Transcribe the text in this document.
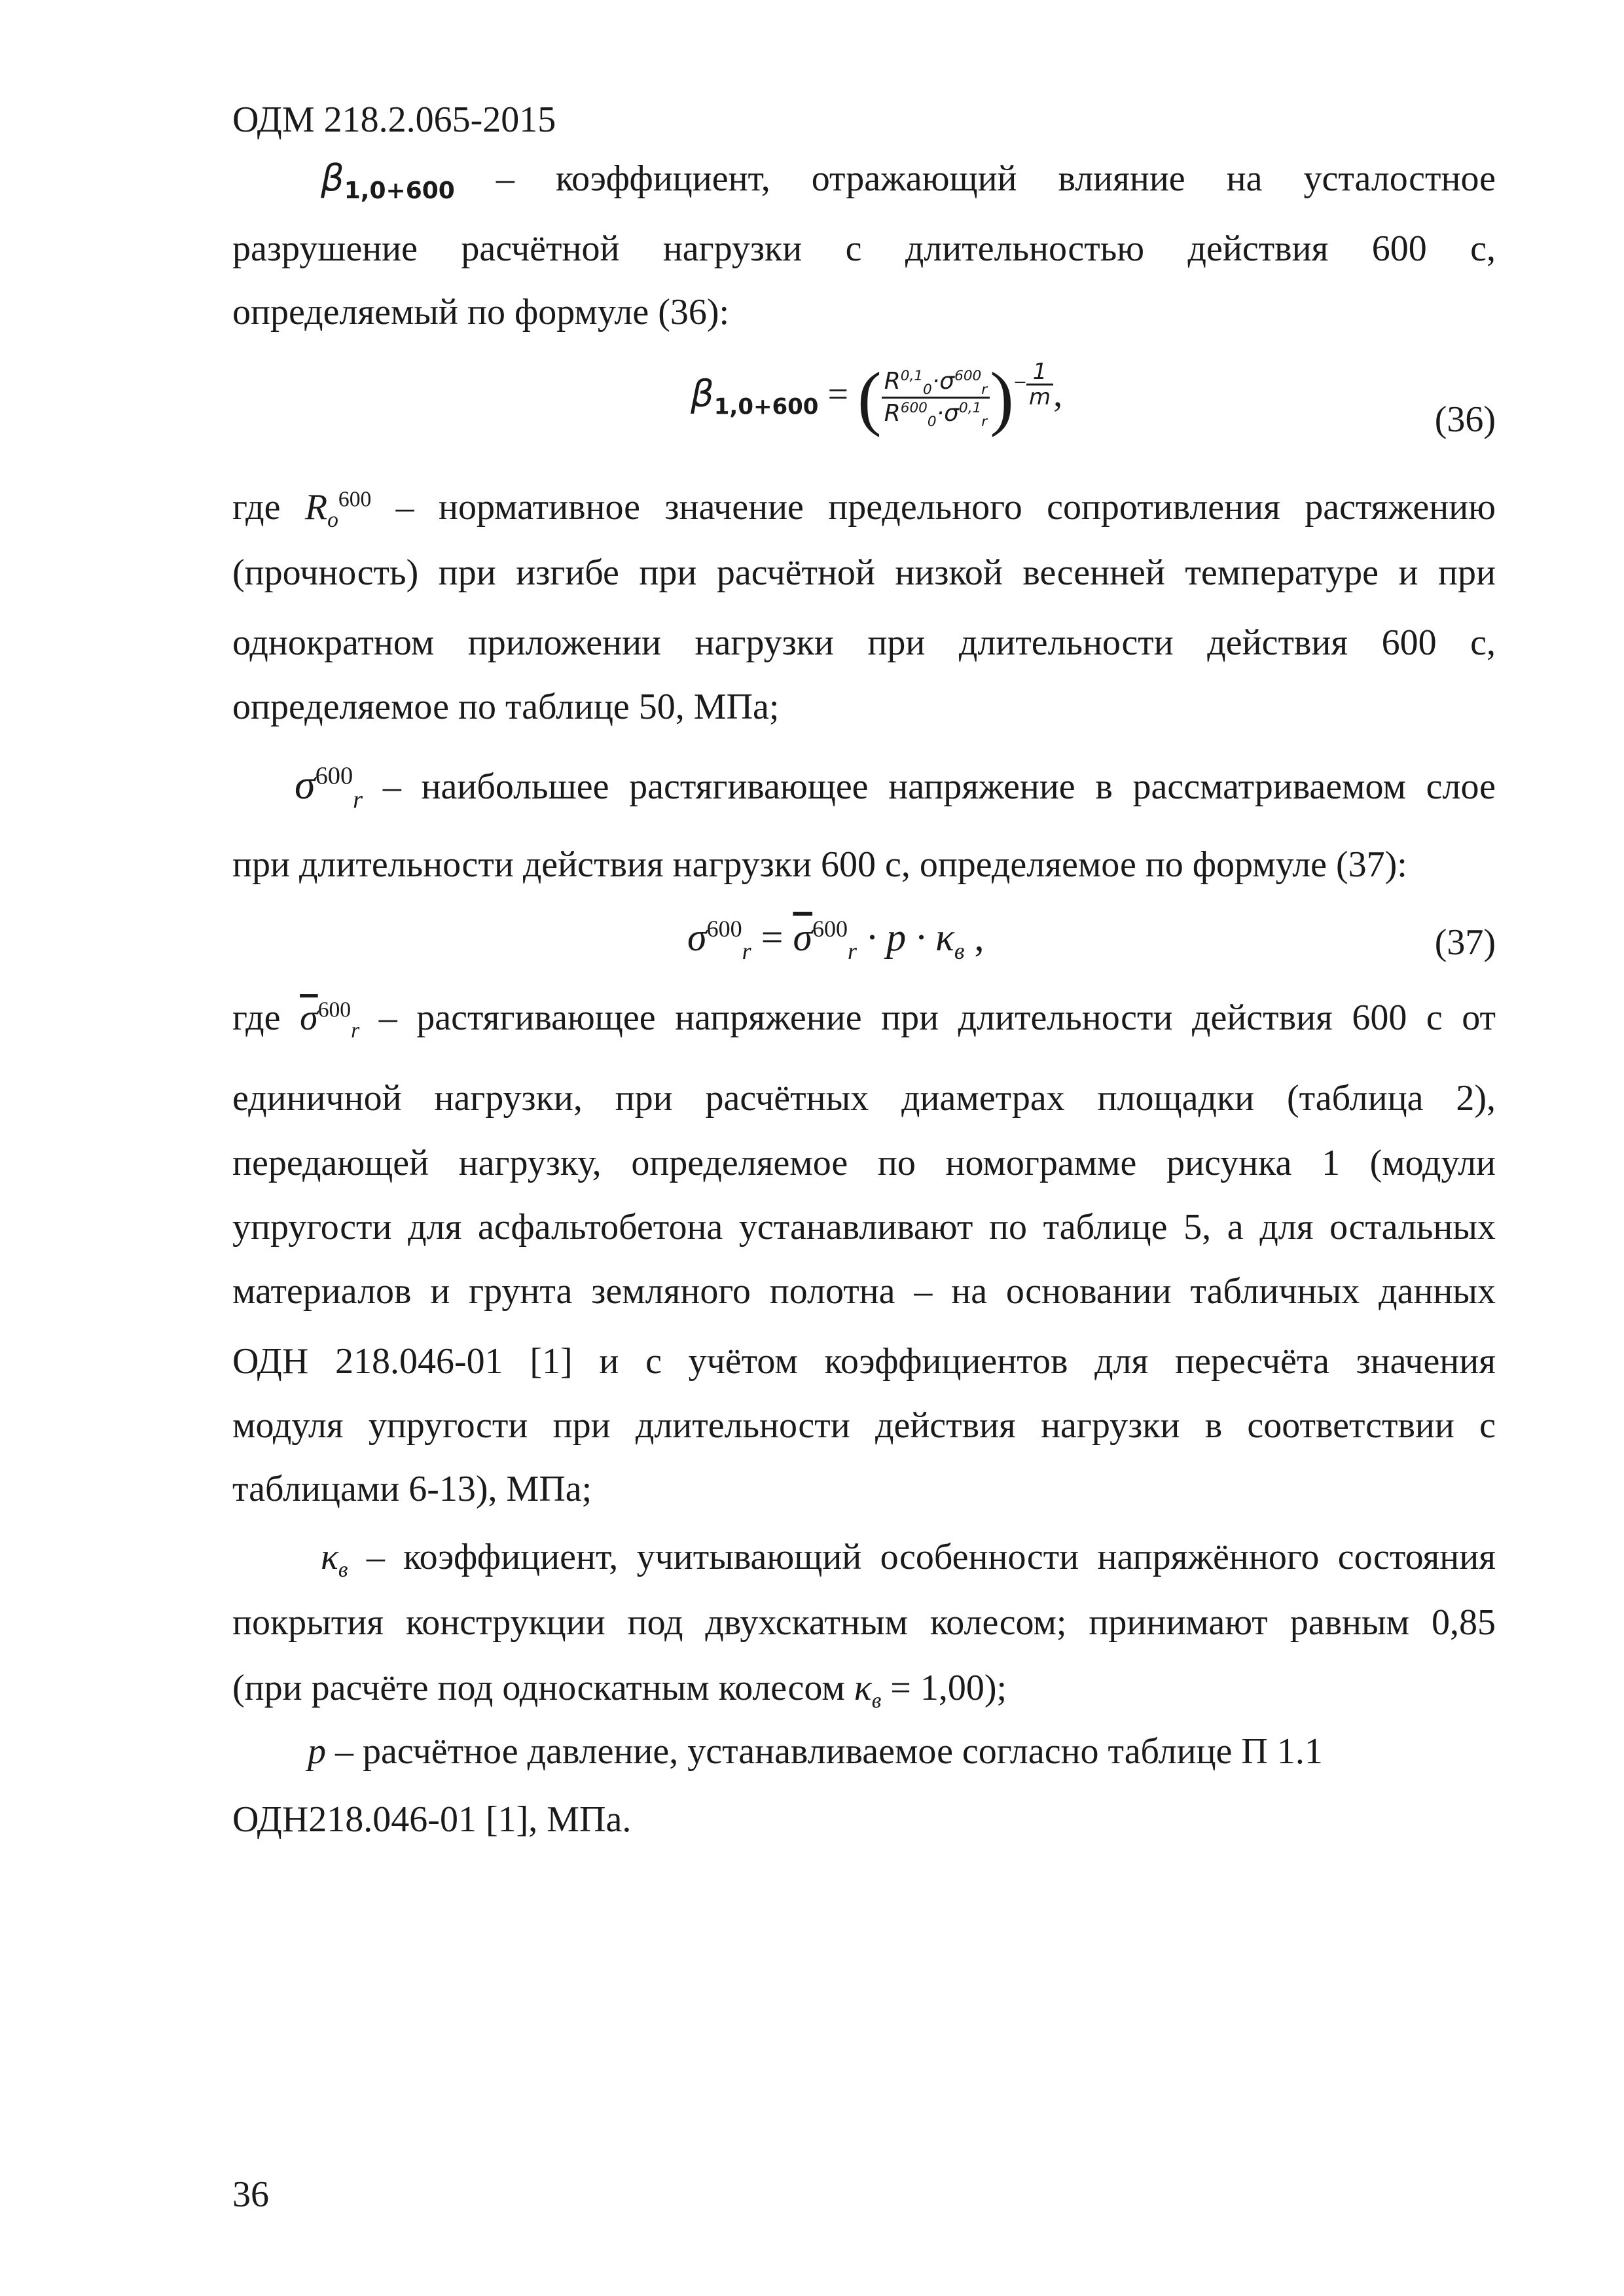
ОДМ 218.2.065-2015
$\beta_{1,0+600}$ – коэффициент, отражающий влияние на усталостное
разрушение расчётной нагрузки с длительностью действия 600 с,
определяемый по формуле (36):
$\beta_{1,0+600}$ = ( $\frac{R^{0,1}_0\cdot\sigma^{600}_r}{R^{600}_0\cdot\sigma^{0,1}_r}$ )− $\frac{1}{m}$ ,
(36)
где $R_o^{600}$ – нормативное значение предельного сопротивления растяжению
(прочность) при изгибе при расчётной низкой весенней температуре и при
однократном приложении нагрузки при длительности действия 600 с,
определяемое по таблице 50, МПа;
$\sigma^{600}_r$ – наибольшее растягивающее напряжение в рассматриваемом слое
при длительности действия нагрузки 600 с, определяемое по формуле (37):
$\sigma^{600}_r = \overline{\sigma}^{600}_r \cdot p \cdot \kappa_в$ ,	(37)
где $\overline{\sigma}^{600}_r$ – растягивающее напряжение при длительности действия 600 с от
единичной нагрузки, при расчётных диаметрах площадки (таблица 2),
передающей нагрузку, определяемое по номограмме рисунка 1 (модули
упругости для асфальтобетона устанавливают по таблице 5, а для остальных
материалов и грунта земляного полотна – на основании табличных данных
ОДН 218.046-01 [1] и с учётом коэффициентов для пересчёта значения
модуля упругости при длительности действия нагрузки в соответствии с
таблицами 6-13), МПа;
$\kappa_в$ – коэффициент, учитывающий особенности напряжённого состояния
покрытия конструкции под двухскатным колесом; принимают равным 0,85
(при расчёте под односкатным колесом $\kappa_в = 1,00$);
p – расчётное давление, устанавливаемое согласно таблице П 1.1
ОДН218.046-01 [1], МПа.
36
